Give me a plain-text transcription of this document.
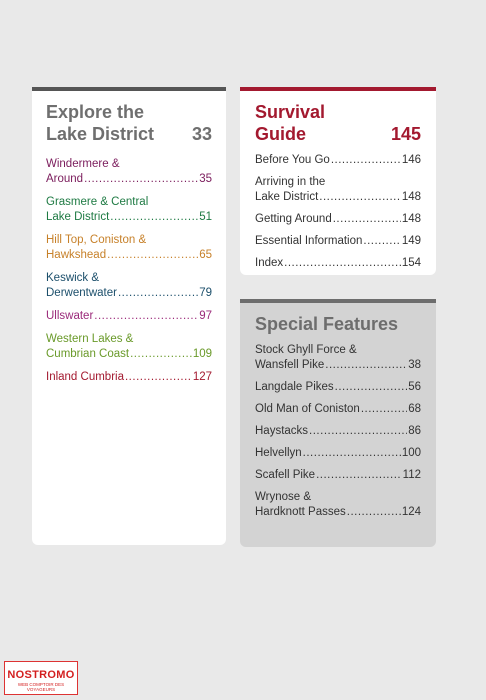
Explore the
Lake District	33
Windermere &
Around .....	35
Grasmere & Central
Lake District .....	51
Hill Top, Coniston &
Hawkshead .....	65
Keswick &
Derwentwater .....	79
Ullswater .....	97
Western Lakes &
Cumbrian Coast .....	109
Inland Cumbria .....	127
Survival
Guide	145
Before You Go .....	146
Arriving in the
Lake District .....	148
Getting Around .....	148
Essential Information .....	149
Index .....	154
Special Features
Stock Ghyll Force &
Wansfell Pike .....	38
Langdale Pikes .....	56
Old Man of Coniston .....	68
Haystacks .....	86
Helvellyn .....	100
Scafell Pike .....	112
Wrynose &
Hardknott Passes .....	124
NOSTROMO
WEB COMPTOIR DES VOYAGEURS
